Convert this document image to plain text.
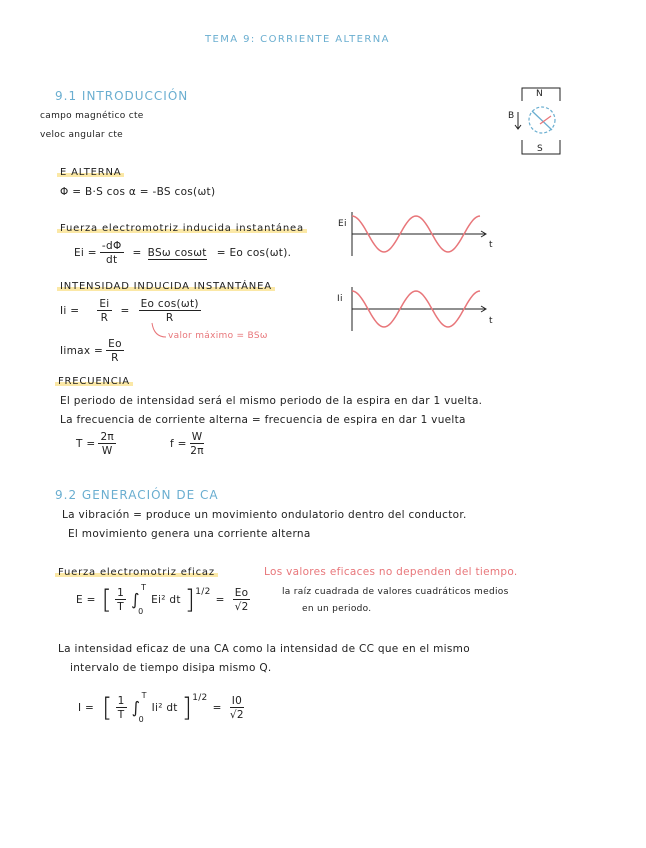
TEMA 9: CORRIENTE ALTERNA
9.1 INTRODUCCIÓN
campo magnético cte
veloc angular cte
N
S
B
E ALTERNA
Φ = B·S cos α = -BS cos(ωt)
Fuerza electromotriz inducida instantánea
$Ei = \frac{-d\Phi}{dt} = BS\omega$ cosωt = Eo cos(ωt).
Ei
t
INTENSIDAD INDUCIDA INSTANTÁNEA
$Ii = \frac{Ei}{R} = \frac{\text{Eo cos(ωt)}}{R}$
valor máximo = BSω
$Iimax = \frac{Eo}{R}$
Ii
t
FRECUENCIA
El periodo de intensidad será el mismo periodo de la espira en dar 1 vuelta.
La frecuencia de corriente alterna = frecuencia de espira en dar 1 vuelta
$T = \frac{2\pi}{W}$	$f = \frac{W}{2\pi}$
9.2 GENERACIÓN DE CA
La vibración = produce un movimiento ondulatorio dentro del conductor.
El movimiento genera una corriente alterna
Fuerza electromotriz eficaz	Los valores eficaces no dependen del tiempo.
E = [ $\frac{1}{T}$ ∫
T
0
Ei² dt ] 1/2
= $\frac{Eo}{√2}$	la raíz cuadrada de valores cuadráticos medios
en un periodo.
La intensidad eficaz de una CA como la intensidad de CC que en el mismo
intervalo de tiempo disipa mismo Q.
I = [ $\frac{1}{T}$ ∫
T
0
Ii² dt ] 1/2
= $\frac{I0}{√2}$
